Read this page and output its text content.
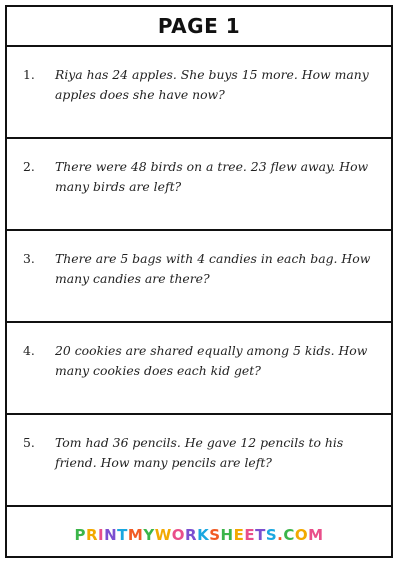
PAGE 1
1. Riya has 24 apples. She buys 15 more. How many apples does she have now?
2. There were 48 birds on a tree. 23 flew away. How many birds are left?
3. There are 5 bags with 4 candies in each bag. How many candies are there?
4. 20 cookies are shared equally among 5 kids. How many cookies does each kid get?
5. Tom had 36 pencils. He gave 12 pencils to his friend. How many pencils are left?
PRINTMYWORKSHEETS.COM
